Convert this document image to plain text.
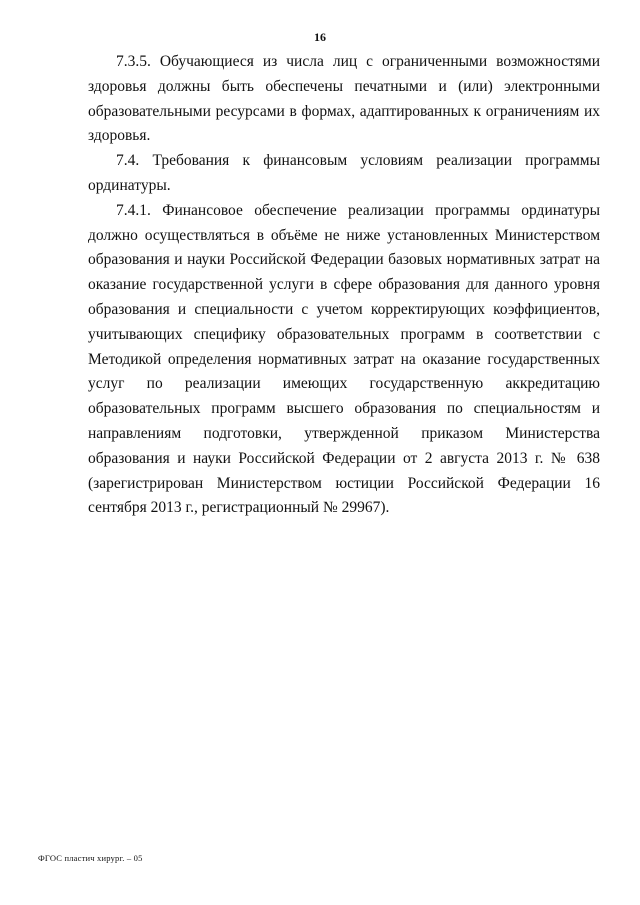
16

7.3.5. Обучающиеся из числа лиц с ограниченными возможностями здоровья должны быть обеспечены печатными и (или) электронными образовательными ресурсами в формах, адаптированных к ограничениям их здоровья.

7.4. Требования к финансовым условиям реализации программы ординатуры.

7.4.1. Финансовое обеспечение реализации программы ординатуры должно осуществляться в объёме не ниже установленных Министерством образования и науки Российской Федерации базовых нормативных затрат на оказание государственной услуги в сфере образования для данного уровня образования и специальности с учетом корректирующих коэффициентов, учитывающих специфику образовательных программ в соответствии с Методикой определения нормативных затрат на оказание государственных услуг по реализации имеющих государственную аккредитацию образовательных программ высшего образования по специальностям и направлениям подготовки, утвержденной приказом Министерства образования и науки Российской Федерации от 2 августа 2013 г. № 638 (зарегистрирован Министерством юстиции Российской Федерации 16 сентября 2013 г., регистрационный № 29967).

ФГОС пластич хирург. – 05
